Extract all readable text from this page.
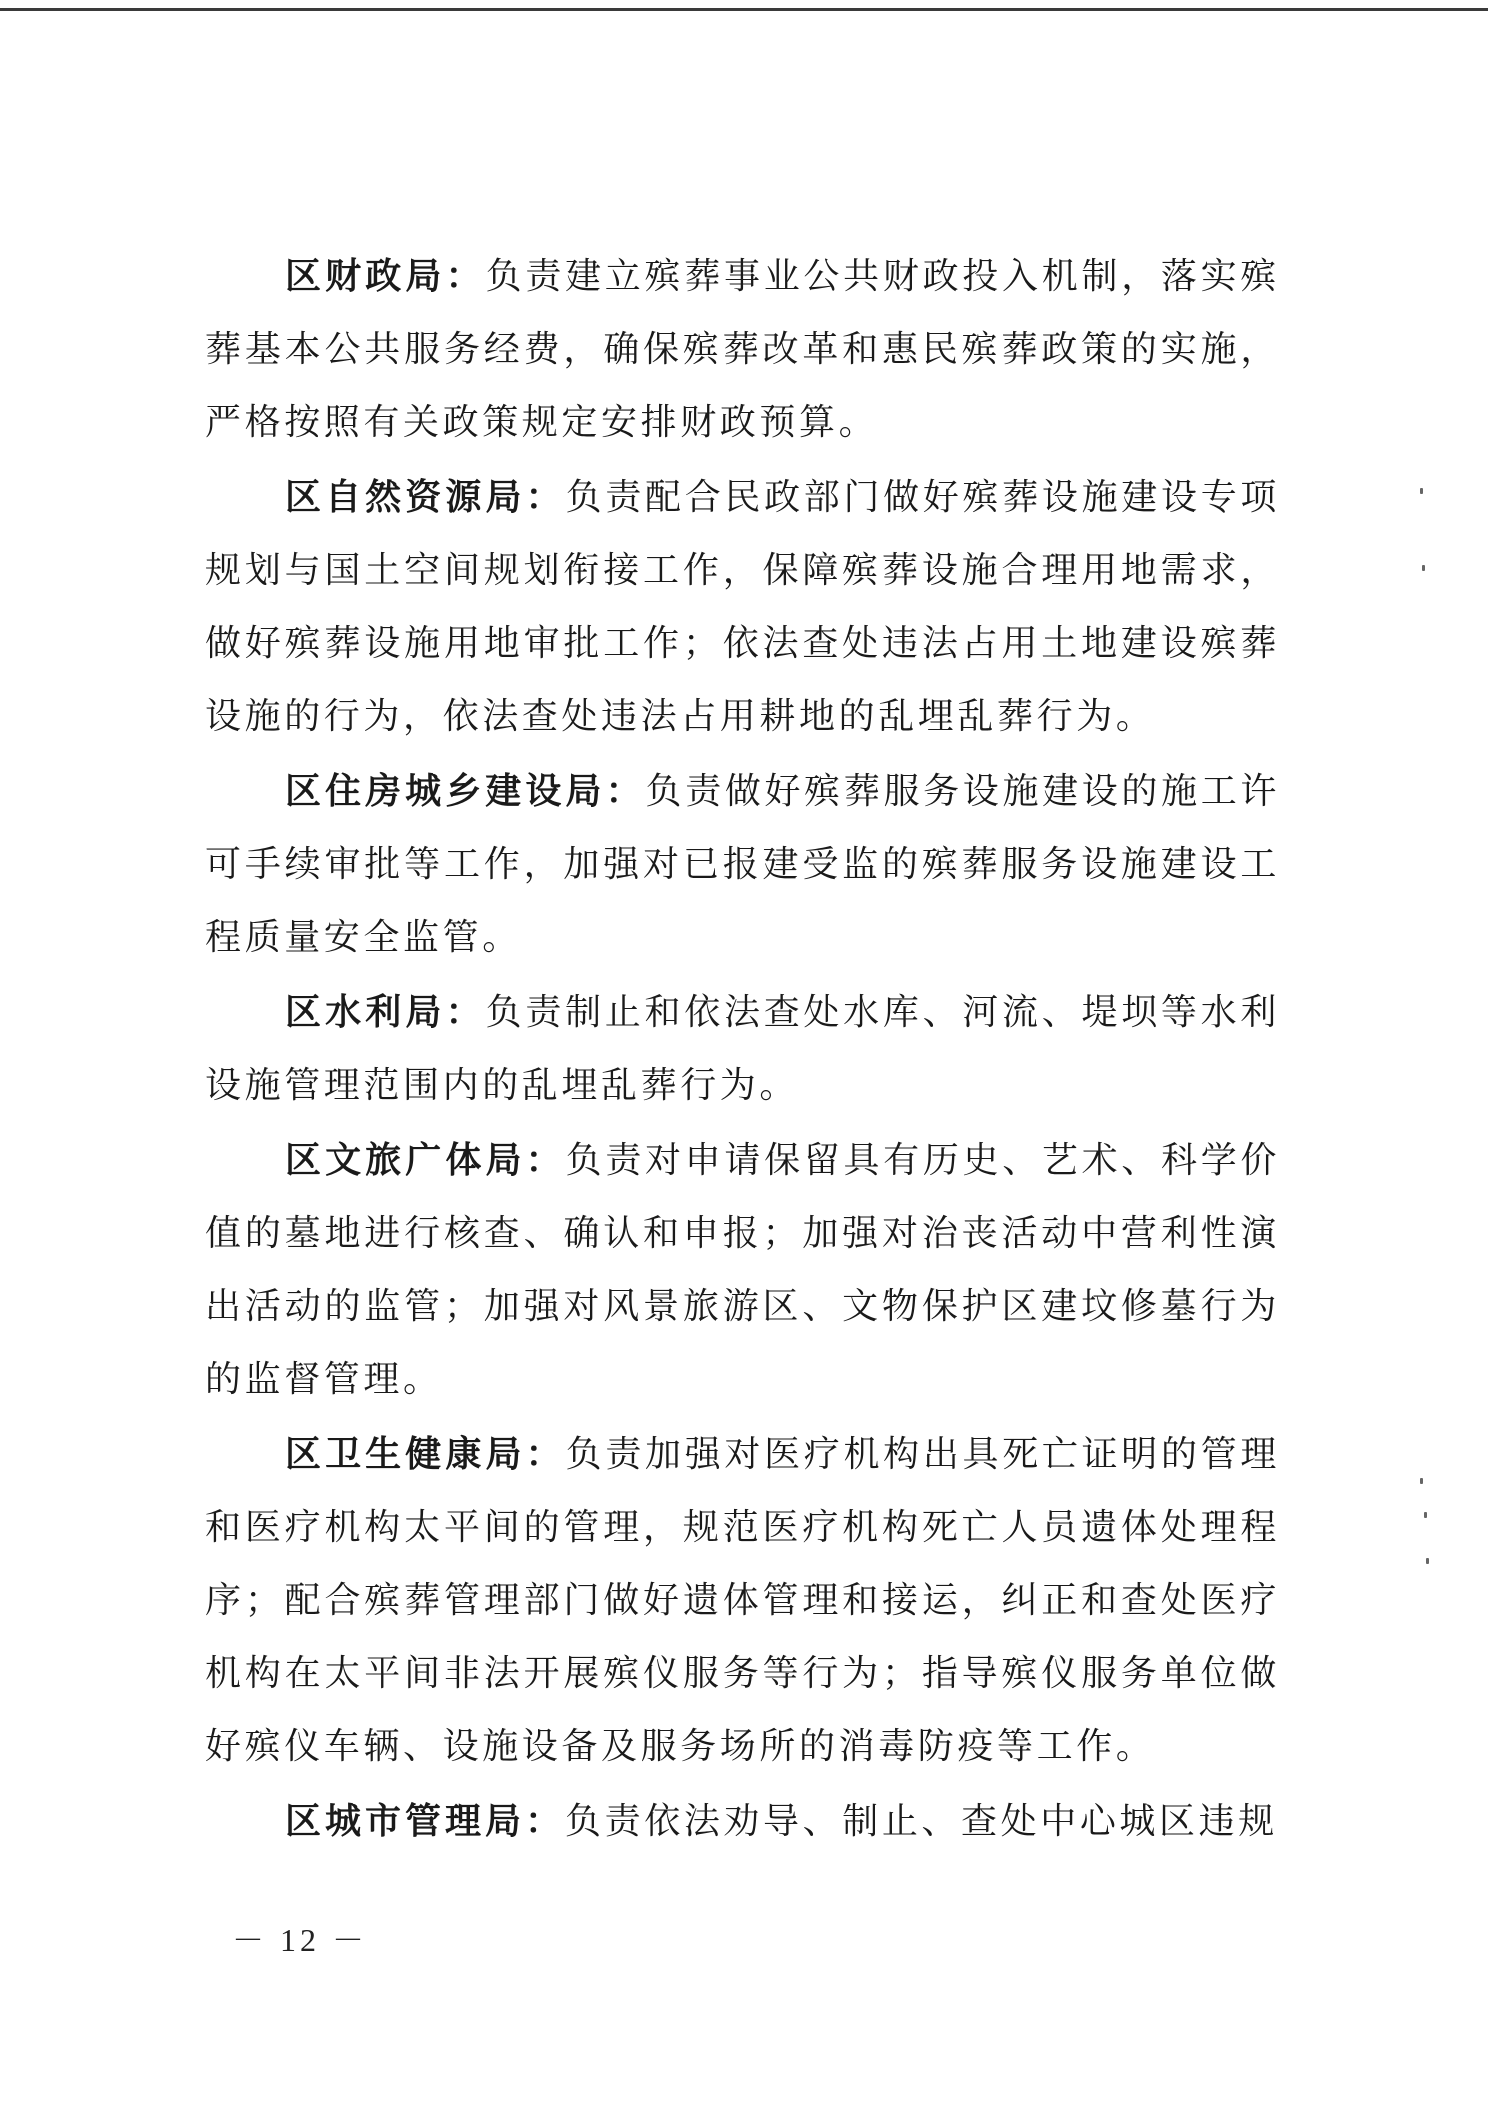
区财政局：负责建立殡葬事业公共财政投入机制，落实殡葬基本公共服务经费，确保殡葬改革和惠民殡葬政策的实施，严格按照有关政策规定安排财政预算。

区自然资源局：负责配合民政部门做好殡葬设施建设专项规划与国土空间规划衔接工作，保障殡葬设施合理用地需求，做好殡葬设施用地审批工作；依法查处违法占用土地建设殡葬设施的行为，依法查处违法占用耕地的乱埋乱葬行为。

区住房城乡建设局：负责做好殡葬服务设施建设的施工许可手续审批等工作，加强对已报建受监的殡葬服务设施建设工程质量安全监管。

区水利局：负责制止和依法查处水库、河流、堤坝等水利设施管理范围内的乱埋乱葬行为。

区文旅广体局：负责对申请保留具有历史、艺术、科学价值的墓地进行核查、确认和申报；加强对治丧活动中营利性演出活动的监管；加强对风景旅游区、文物保护区建坟修墓行为的监督管理。

区卫生健康局：负责加强对医疗机构出具死亡证明的管理和医疗机构太平间的管理，规范医疗机构死亡人员遗体处理程序；配合殡葬管理部门做好遗体管理和接运，纠正和查处医疗机构在太平间非法开展殡仪服务等行为；指导殡仪服务单位做好殡仪车辆、设施设备及服务场所的消毒防疫等工作。

区城市管理局：负责依法劝导、制止、查处中心城区违规

－ 12 －
